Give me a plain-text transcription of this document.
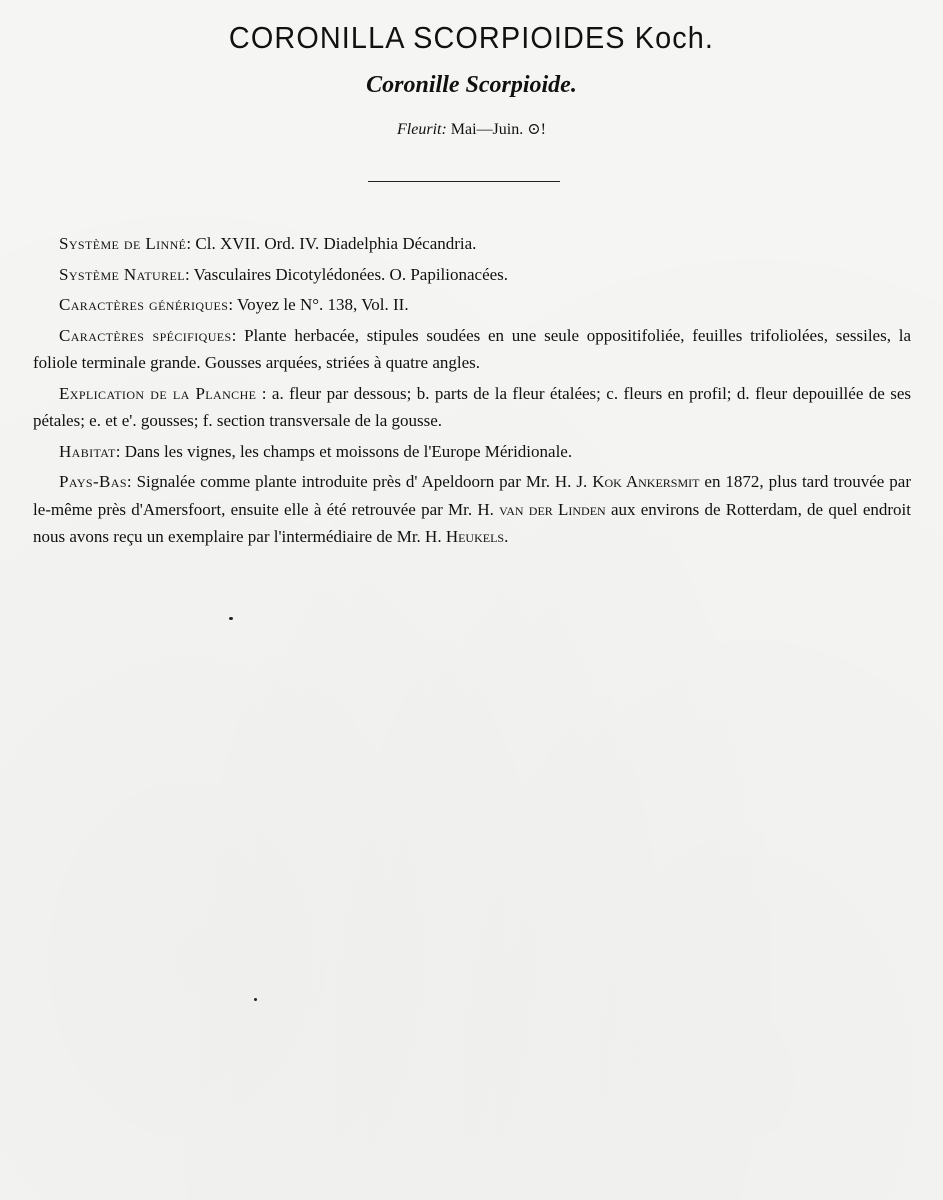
CORONILLA SCORPIOIDES Koch.
Coronille Scorpioide.
Fleurit: Mai—Juin. ⊙!

Système de Linné: Cl. XVII. Ord. IV. Diadelphia Décandria.

Système Naturel: Vasculaires Dicotylédonées. O. Papilionacées.

Caractères génériques: Voyez le N°. 138, Vol. II.

Caractères spécifiques: Plante herbacée, stipules soudées en une seule oppositifoliée, feuilles trifoliolées, sessiles, la foliole terminale grande. Gousses arquées, striées à quatre angles.

Explication de la Planche : a. fleur par dessous; b. parts de la fleur étalées; c. fleurs en profil; d. fleur depouillée de ses pétales; e. et e'. gousses; f. section transversale de la gousse.

Habitat: Dans les vignes, les champs et moissons de l'Europe Méridionale.

Pays-Bas: Signalée comme plante introduite près d' Apeldoorn par Mr. H. J. Kok Ankersmit en 1872, plus tard trouvée par le-même près d'Amersfoort, ensuite elle à été retrouvée par Mr. H. van der Linden aux environs de Rotterdam, de quel endroit nous avons reçu un exemplaire par l'intermédiaire de Mr. H. Heukels.
